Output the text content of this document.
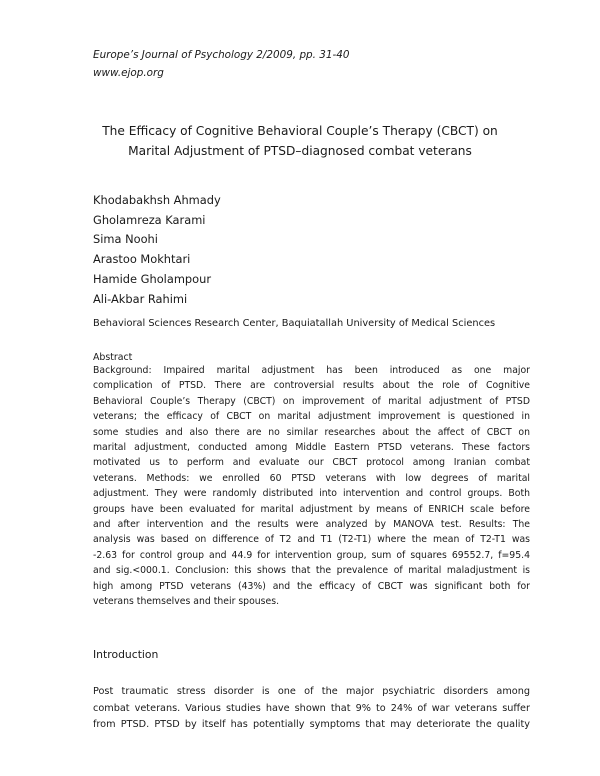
Europe’s Journal of Psychology 2/2009, pp. 31-40
www.ejop.org
The Efficacy of Cognitive Behavioral Couple’s Therapy (CBCT) on
Marital Adjustment of PTSD–diagnosed combat veterans
Khodabakhsh Ahmady
Gholamreza Karami
Sima Noohi
Arastoo Mokhtari
Hamide Gholampour
Ali-Akbar Rahimi
Behavioral Sciences Research Center, Baquiatallah University of Medical Sciences
Abstract
Background: Impaired marital adjustment has been introduced as one major
complication of PTSD. There are controversial results about the role of Cognitive
Behavioral Couple’s Therapy (CBCT) on improvement of marital adjustment of PTSD
veterans; the efficacy of CBCT on marital adjustment improvement is questioned in
some studies and also there are no similar researches about the affect of CBCT on
marital adjustment, conducted among Middle Eastern PTSD veterans. These factors
motivated us to perform and evaluate our CBCT protocol among Iranian combat
veterans. Methods: we enrolled 60 PTSD veterans with low degrees of marital
adjustment. They were randomly distributed into intervention and control groups. Both
groups have been evaluated for marital adjustment by means of ENRICH scale before
and after intervention and the results were analyzed by MANOVA test. Results: The
analysis was based on difference of T2 and T1 (T2-T1) where the mean of T2-T1 was
-2.63 for control group and 44.9 for intervention group, sum of squares 69552.7, f=95.4
and sig.<000.1. Conclusion: this shows that the prevalence of marital maladjustment is
high among PTSD veterans (43%) and the efficacy of CBCT was significant both for
veterans themselves and their spouses.
Introduction
Post traumatic stress disorder is one of the major psychiatric disorders among
combat veterans. Various studies have shown that 9% to 24% of war veterans suffer
from PTSD. PTSD by itself has potentially symptoms that may deteriorate the quality
